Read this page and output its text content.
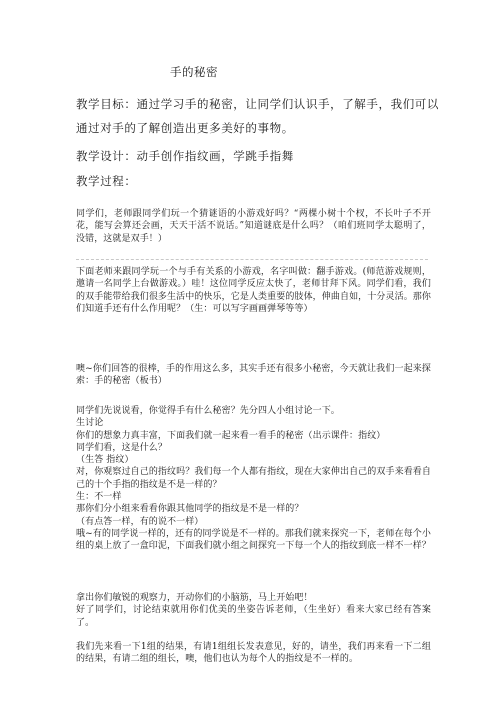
手的秘密
教学目标：通过学习手的秘密，让同学们认识手，了解手，我们可以
通过对手的了解创造出更多美好的事物。
教学设计：动手创作指纹画，学跳手指舞
教学过程：

同学们，老师跟同学们玩一个猜谜语的小游戏好吗？“两棵小树十个杈，不长叶子不开花，能写会算还会画，天天干活不说话。”知道谜底是什么吗？（咱们班同学太聪明了，没错，这就是双手！）

下面老师来跟同学玩一个与手有关系的小游戏，名字叫做：翻手游戏。(师范游戏规则，邀请一名同学上台做游戏。）哇！这位同学反应太快了，老师甘拜下风。同学们看，我们的双手能带给我们很多生活中的快乐，它是人类重要的肢体，伸曲自如，十分灵活。那你们知道手还有什么作用呢？（生：可以写字画画弹琴等等）

噢~你们回答的很棒，手的作用这么多，其实手还有很多小秘密，今天就让我们一起来探索：手的秘密（板书）

同学们先说说看，你觉得手有什么秘密？先分四人小组讨论一下。

生讨论

你们的想象力真丰富，下面我们就一起来看一看手的秘密（出示课件：指纹）

同学们看，这是什么？

（生答 指纹）

对，你观察过自己的指纹吗？我们每一个人都有指纹，现在大家伸出自己的双手来看看自己的十个手指的指纹是不是一样的？

生：不一样

那你们分小组来看看你跟其他同学的指纹是不是一样的？

（有点答一样，有的说不一样）

哦~有的同学说一样的，还有的同学说是不一样的。那我们就来探究一下，老师在每个小组的桌上放了一盒印泥，下面我们就小组之间探究一下每一个人的指纹到底一样不一样？

拿出你们敏锐的观察力，开动你们的小脑筋，马上开始吧！

好了同学们，讨论结束就用你们优美的坐姿告诉老师，（生坐好）看来大家已经有答案了。

我们先来看一下1组的结果，有请1组组长发表意见，好的，请坐，我们再来看一下二组的结果，有请二组的组长，噢，他们也认为每个人的指纹是不一样的。
